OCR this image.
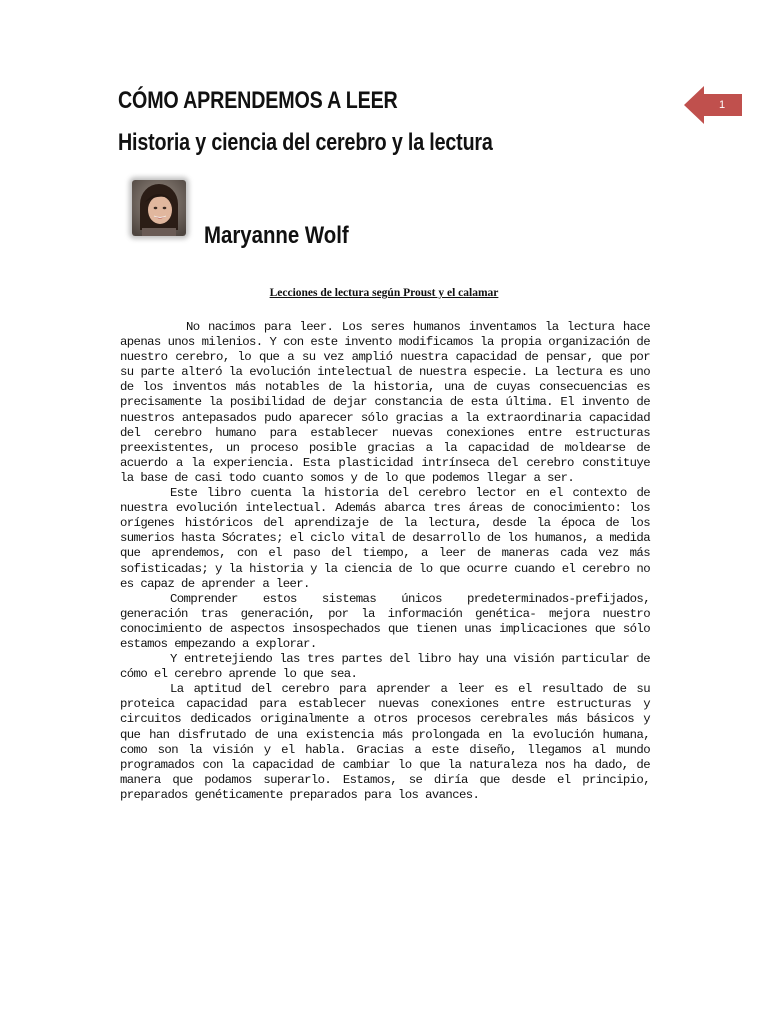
CÓMO APRENDEMOS A LEER
Historia y ciencia del cerebro y la lectura
1
Maryanne Wolf
Lecciones de lectura según Proust y el calamar

No nacimos para leer. Los seres humanos inventamos la lectura hace apenas unos milenios. Y con este invento modificamos la propia organización de nuestro cerebro, lo que a su vez amplió nuestra capacidad de pensar, que por su parte alteró la evolución intelectual de nuestra especie. La lectura es uno de los inventos más notables de la historia, una de cuyas consecuencias es precisamente la posibilidad de dejar constancia de esta última. El invento de nuestros antepasados pudo aparecer sólo gracias a la extraordinaria capacidad del cerebro humano para establecer nuevas conexiones entre estructuras preexistentes, un proceso posible gracias a la capacidad de moldearse de acuerdo a la experiencia. Esta plasticidad intrínseca del cerebro constituye la base de casi todo cuanto somos y de lo que podemos llegar a ser.

Este libro cuenta la historia del cerebro lector en el contexto de nuestra evolución intelectual. Además abarca tres áreas de conocimiento: los orígenes históricos del aprendizaje de la lectura, desde la época de los sumerios hasta Sócrates; el ciclo vital de desarrollo de los humanos, a medida que aprendemos, con el paso del tiempo, a leer de maneras cada vez más sofisticadas; y la historia y la ciencia de lo que ocurre cuando el cerebro no es capaz de aprender a leer.

Comprender estos sistemas únicos predeterminados-prefijados, generación tras generación, por la información genética- mejora nuestro conocimiento de aspectos insospechados que tienen unas implicaciones que sólo estamos empezando a explorar.

Y entretejiendo las tres partes del libro hay una visión particular de cómo el cerebro aprende lo que sea.

La aptitud del cerebro para aprender a leer es el resultado de su proteica capacidad para establecer nuevas conexiones entre estructuras y circuitos dedicados originalmente a otros procesos cerebrales más básicos y que han disfrutado de una existencia más prolongada en la evolución humana, como son la visión y el habla. Gracias a este diseño, llegamos al mundo programados con la capacidad de cambiar lo que la naturaleza nos ha dado, de manera que podamos superarlo. Estamos, se diría que desde el principio, preparados genéticamente preparados para los avances.
